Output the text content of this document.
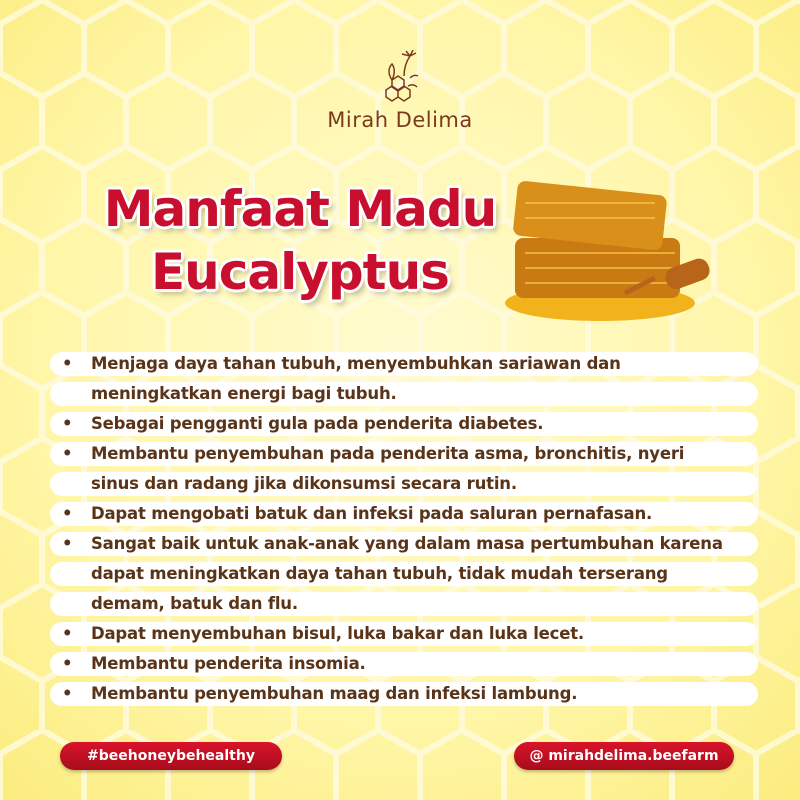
Mirah Delima
Manfaat Madu
Eucalyptus
• Menjaga daya tahan tubuh, menyembuhkan sariawan dan
meningkatkan energi bagi tubuh.
• Sebagai pengganti gula pada penderita diabetes.
• Membantu penyembuhan pada penderita asma, bronchitis, nyeri
sinus dan radang jika dikonsumsi secara rutin.
• Dapat mengobati batuk dan infeksi pada saluran pernafasan.
• Sangat baik untuk anak-anak yang dalam masa pertumbuhan karena
dapat meningkatkan daya tahan tubuh, tidak mudah terserang
demam, batuk dan flu.
• Dapat menyembuhan bisul, luka bakar dan luka lecet.
• Membantu penderita insomia.
• Membantu penyembuhan maag dan infeksi lambung.
#beehoneybehealthy	@ mirahdelima.beefarm
